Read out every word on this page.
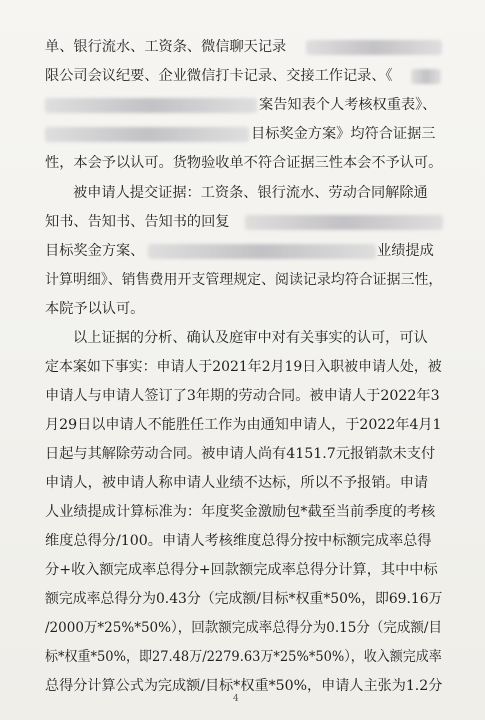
单、银行流水、工资条、微信聊天记录
限公司会议纪要、企业微信打卡记录、交接工作记录、《
案告知表个人考核权重表》、
目标奖金方案》均符合证据三
性，本会予以认可。货物验收单不符合证据三性本会不予认可。
被申请人提交证据：工资条、银行流水、劳动合同解除通
知书、告知书、告知书的回复
目标奖金方案、	业绩提成
计算明细》、销售费用开支管理规定、阅读记录均符合证据三性，
本院予以认可。
以上证据的分析、确认及庭审中对有关事实的认可，可认
定本案如下事实：申请人于2021年2月19日入职被申请人处，被
申请人与申请人签订了3年期的劳动合同。被申请人于2022年3
月29日以申请人不能胜任工作为由通知申请人，于2022年4月1
日起与其解除劳动合同。被申请人尚有4151.7元报销款未支付
申请人，被申请人称申请人业绩不达标，所以不予报销。申请
人业绩提成计算标准为：年度奖金激励包*截至当前季度的考核
维度总得分/100。申请人考核维度总得分按中标额完成率总得
分+收入额完成率总得分+回款额完成率总得分计算，其中中标
额完成率总得分为0.43分（完成额/目标*权重*50%，即69.16万
/2000万*25%*50%），回款额完成率总得分为0.15分（完成额/目
标*权重*50%，即27.48万/2279.63万*25%*50%），收入额完成率
总得分计算公式为完成额/目标*权重*50%，申请人主张为1.2分
4
